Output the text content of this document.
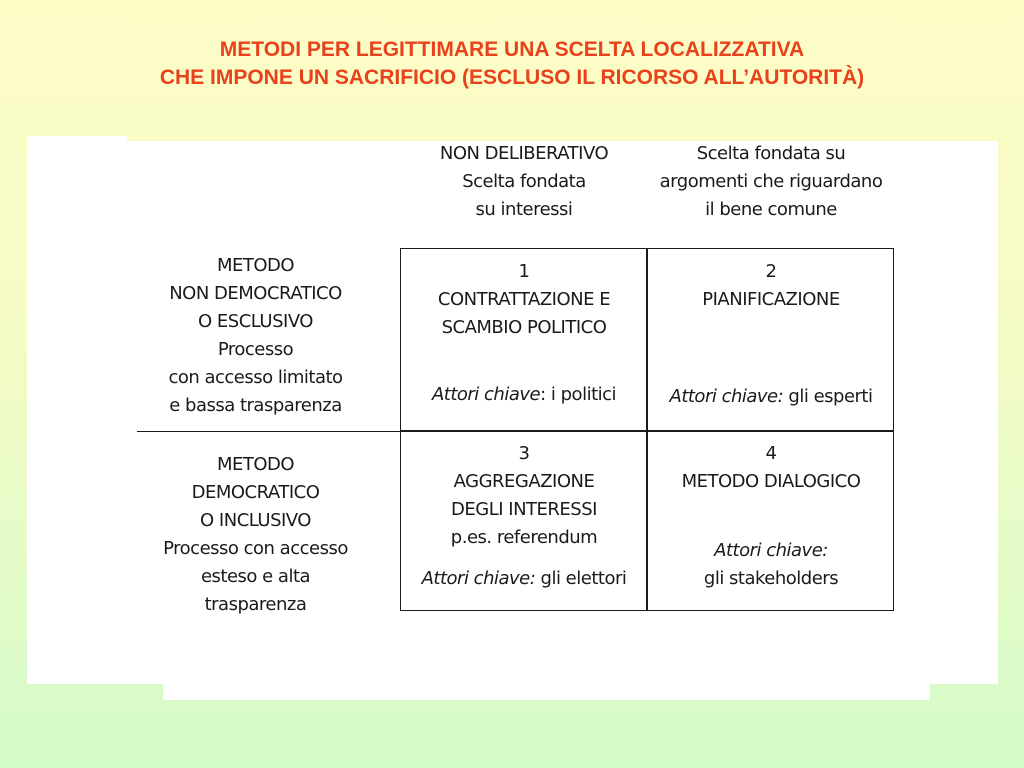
METODI PER LEGITTIMARE UNA SCELTA LOCALIZZATIVA
CHE IMPONE UN SACRIFICIO (ESCLUSO IL RICORSO ALL’AUTORITÀ)
NON DELIBERATIVO
Scelta fondata
su interessi
Scelta fondata su
argomenti che riguardano
il bene comune
METODO
NON DEMOCRATICO
O ESCLUSIVO
Processo
con accesso limitato
e bassa trasparenza
METODO
DEMOCRATICO
O INCLUSIVO
Processo con accesso
esteso e alta
trasparenza
1
CONTRATTAZIONE E
SCAMBIO POLITICO
Attori chiave: i politici
2
PIANIFICAZIONE
Attori chiave: gli esperti
3
AGGREGAZIONE
DEGLI INTERESSI
p.es. referendum
Attori chiave: gli elettori
4
METODO DIALOGICO
Attori chiave:
gli stakeholders
